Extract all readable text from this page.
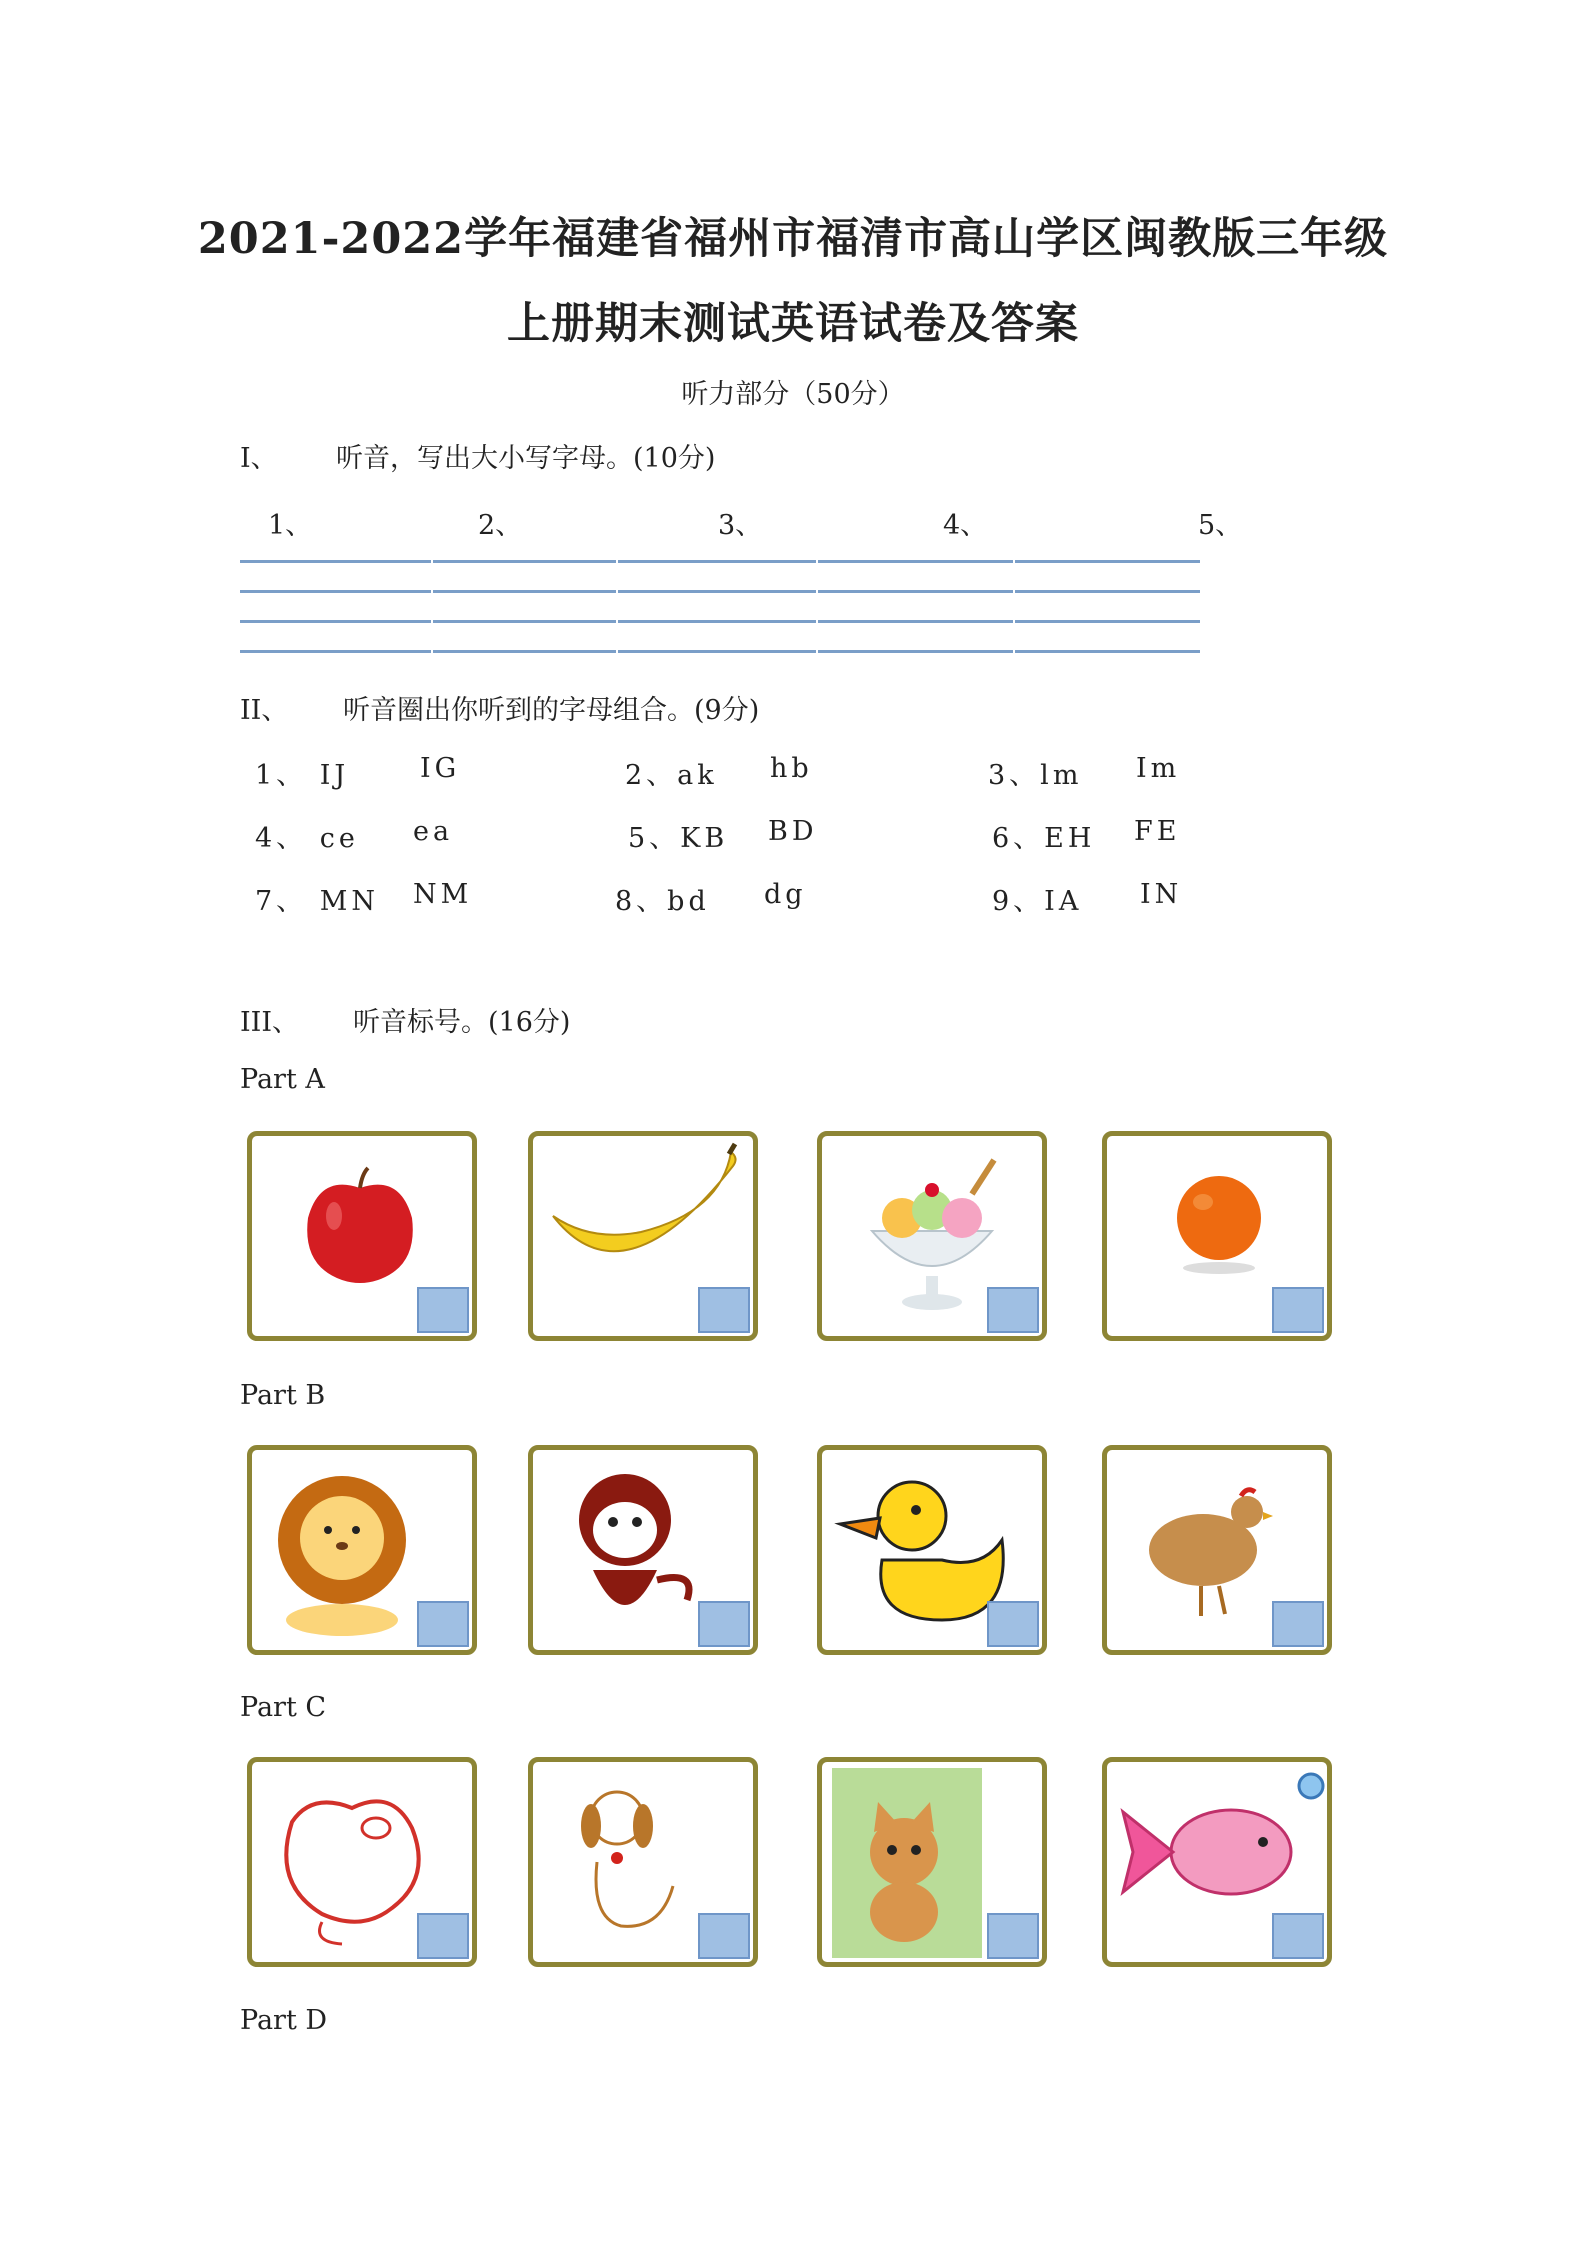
2021-2022学年福建省福州市福清市高山学区闽教版三年级
上册期末测试英语试卷及答案
听力部分（50分）
I、 听音，写出大小写字母。(10分)
1、	2、	3、	4、	5、
II、 听音圈出你听到的字母组合。(9分)
1、 IJ	IG	2、ak hb	3、lm Im
4、 ce ea	5、KB BD	6、EH FE
7、 MN NM	8、bd dg	9、IA IN
III、 听音标号。(16分)
Part A
Part B
Part C
Part D
